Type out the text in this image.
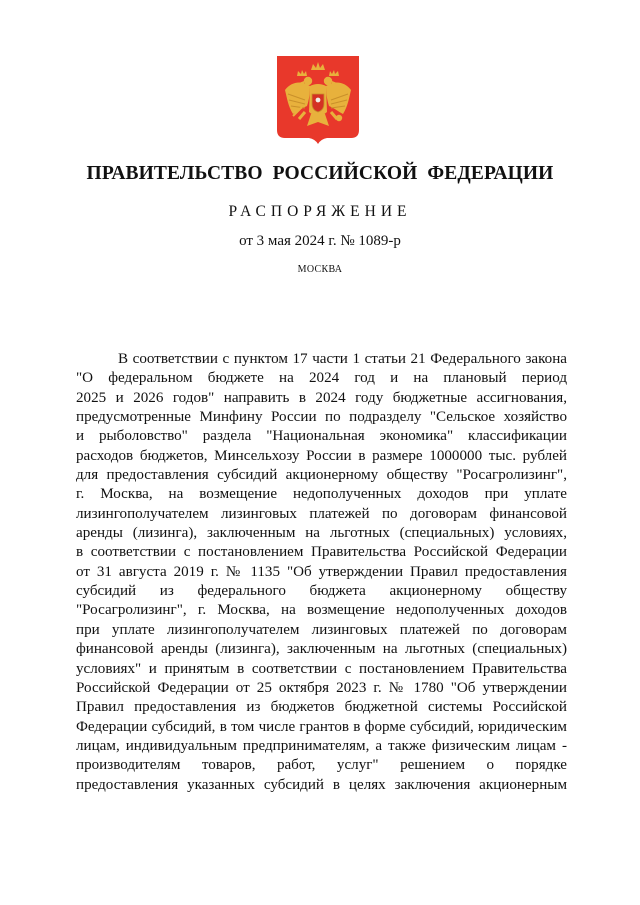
ПРАВИТЕЛЬСТВО РОССИЙСКОЙ ФЕДЕРАЦИИ
РАСПОРЯЖЕНИЕ
от 3 мая 2024 г. № 1089-р
МОСКВА
В соответствии с пунктом 17 части 1 статьи 21 Федерального закона
"О федеральном бюджете на 2024 год и на плановый период
2025 и 2026 годов" направить в 2024 году бюджетные ассигнования,
предусмотренные Минфину России по подразделу "Сельское хозяйство
и рыболовство" раздела "Национальная экономика" классификации
расходов бюджетов, Минсельхозу России в размере 1000000 тыс. рублей
для предоставления субсидий акционерному обществу "Росагролизинг",
г. Москва, на возмещение недополученных доходов при уплате
лизингополучателем лизинговых платежей по договорам финансовой
аренды (лизинга), заключенным на льготных (специальных) условиях,
в соответствии с постановлением Правительства Российской Федерации
от 31 августа 2019 г. № 1135 "Об утверждении Правил предоставления
субсидий из федерального бюджета акционерному обществу
"Росагролизинг", г. Москва, на возмещение недополученных доходов
при уплате лизингополучателем лизинговых платежей по договорам
финансовой аренды (лизинга), заключенным на льготных (специальных)
условиях" и принятым в соответствии с постановлением Правительства
Российской Федерации от 25 октября 2023 г. № 1780 "Об утверждении
Правил предоставления из бюджетов бюджетной системы Российской
Федерации субсидий, в том числе грантов в форме субсидий, юридическим
лицам, индивидуальным предпринимателям, а также физическим лицам -
производителям товаров, работ, услуг" решением о порядке
предоставления указанных субсидий в целях заключения акционерным
